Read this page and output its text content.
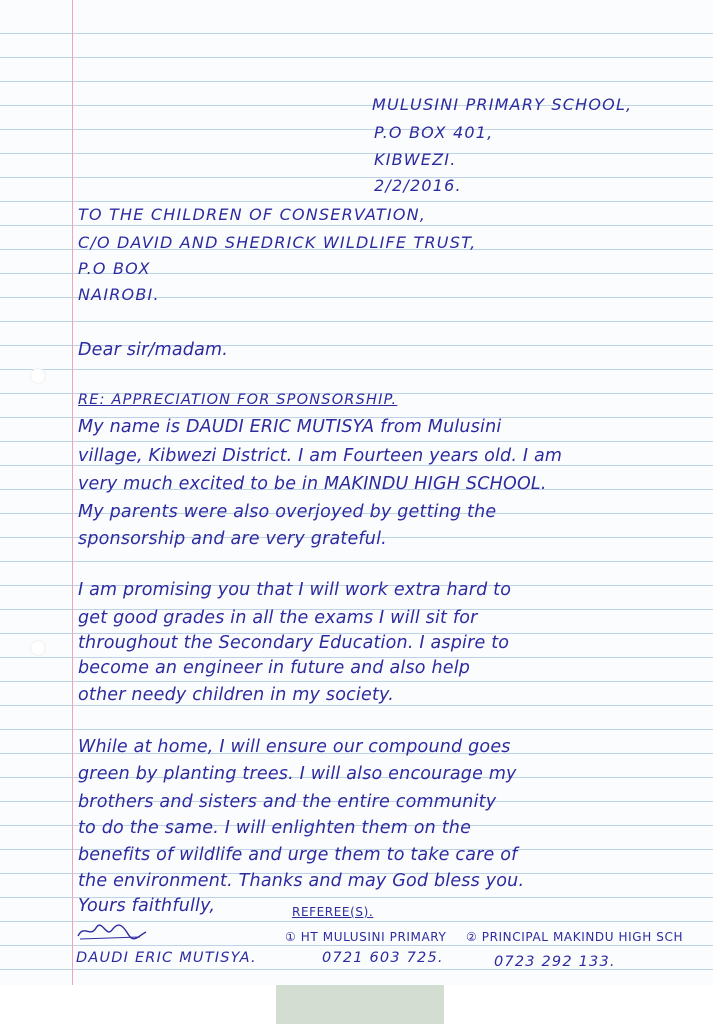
MULUSINI PRIMARY SCHOOL,
P.O BOX 401,
KIBWEZI.
2/2/2016.
TO THE CHILDREN OF CONSERVATION,
C/O DAVID AND SHEDRICK WILDLIFE TRUST,
P.O BOX
NAIROBI.
Dear sir/madam.
RE: APPRECIATION FOR SPONSORSHIP.
My name is DAUDI ERIC MUTISYA from Mulusini
village, Kibwezi District. I am Fourteen years old. I am
very much excited to be in MAKINDU HIGH SCHOOL.
My parents were also overjoyed by getting the
sponsorship and are very grateful.
I am promising you that I will work extra hard to
get good grades in all the exams I will sit for
throughout the Secondary Education. I aspire to
become an engineer in future and also help
other needy children in my society.
While at home, I will ensure our compound goes
green by planting trees. I will also encourage my
brothers and sisters and the entire community
to do the same. I will enlighten them on the
benefits of wildlife and urge them to take care of
the environment. Thanks and may God bless you.
Yours faithfully,	REFEREE(S).
① HT MULUSINI PRIMARY ② PRINCIPAL MAKINDU HIGH SCH
DAUDI ERIC MUTISYA.	0721 603 725.	0723 292 133.
